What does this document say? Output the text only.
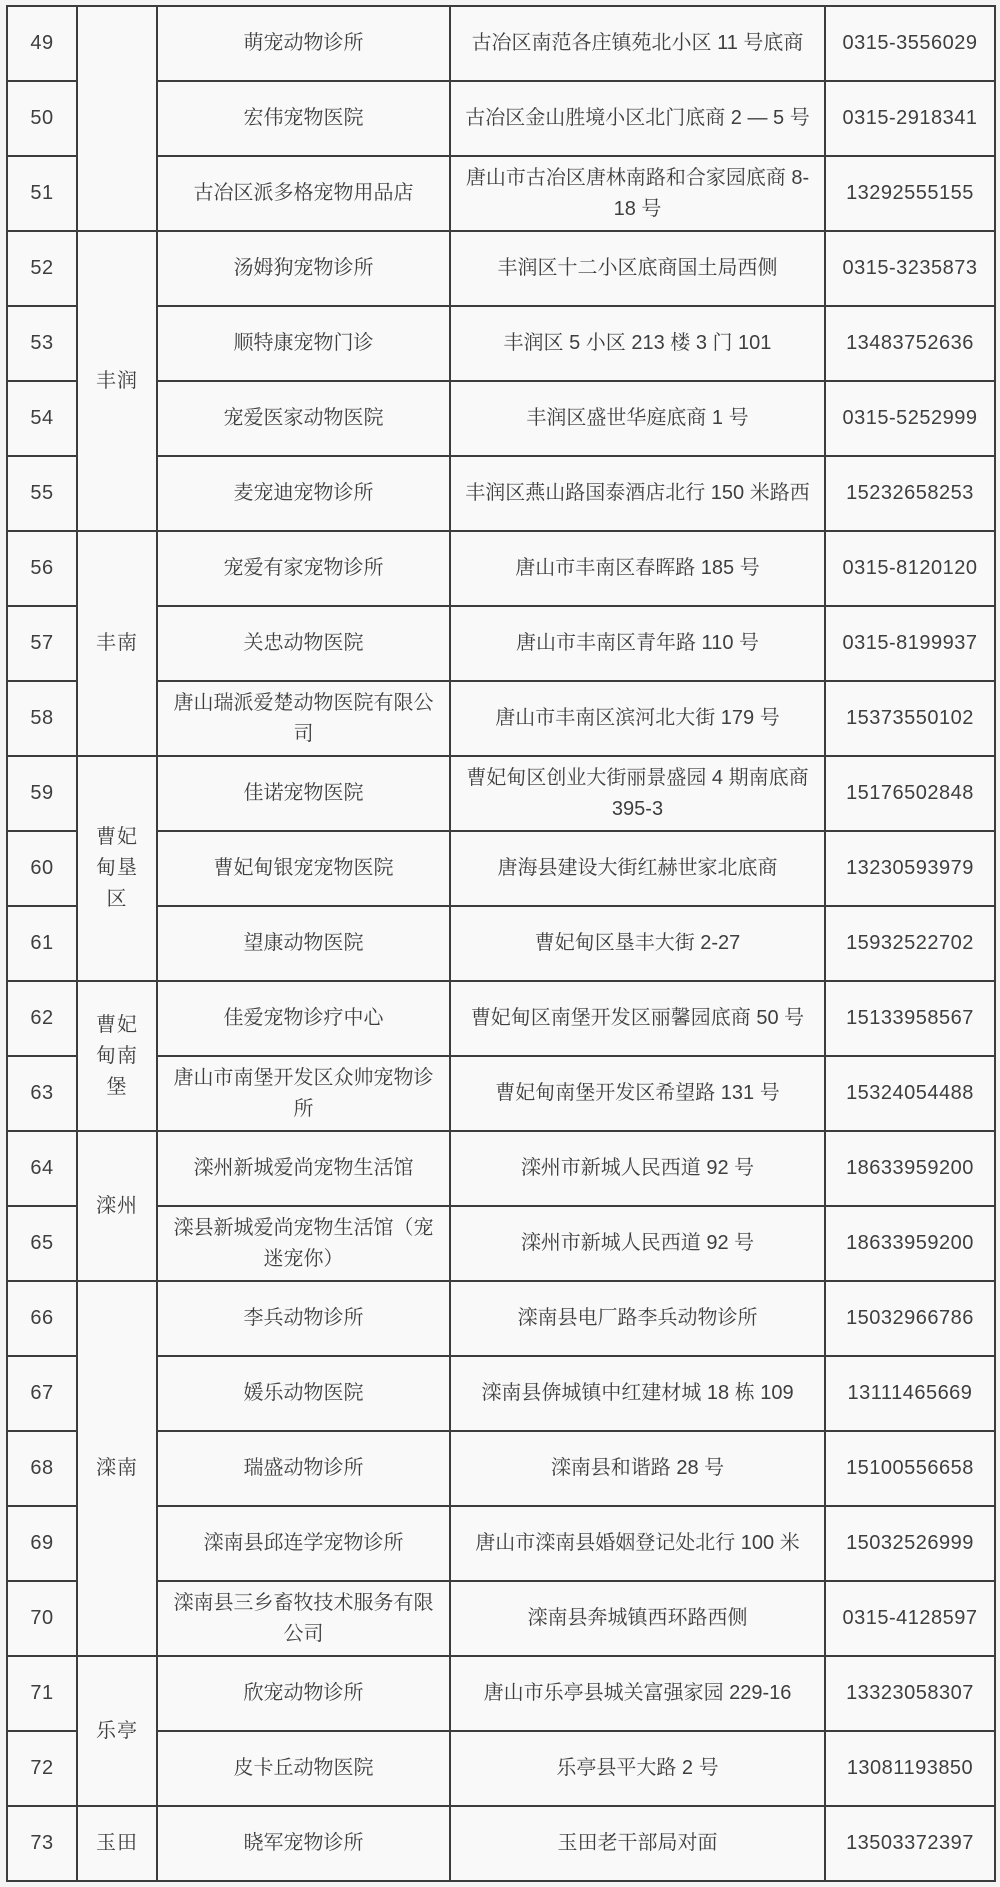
49		萌宠动物诊所	古冶区南范各庄镇苑北小区 11 号底商	0315-3556029
50		宏伟宠物医院	古冶区金山胜境小区北门底商 2 — 5 号	0315-2918341
51		古冶区派多格宠物用品店	唐山市古冶区唐林南路和合家园底商 8-18 号	13292555155
52	丰润	汤姆狗宠物诊所	丰润区十二小区底商国土局西侧	0315-3235873
53		顺特康宠物门诊	丰润区 5 小区 213 楼 3 门 101	13483752636
54		宠爱医家动物医院	丰润区盛世华庭底商 1 号	0315-5252999
55		麦宠迪宠物诊所	丰润区燕山路国泰酒店北行 150 米路西	15232658253
56	丰南	宠爱有家宠物诊所	唐山市丰南区春晖路 185 号	0315-8120120
57		关忠动物医院	唐山市丰南区青年路 110 号	0315-8199937
58		唐山瑞派爱楚动物医院有限公司	唐山市丰南区滨河北大街 179 号	15373550102
59	曹妃甸垦区	佳诺宠物医院	曹妃甸区创业大街丽景盛园 4 期南底商 395-3	15176502848
60		曹妃甸银宠宠物医院	唐海县建设大街红赫世家北底商	13230593979
61		望康动物医院	曹妃甸区垦丰大街 2-27	15932522702
62	曹妃甸南堡	佳爱宠物诊疗中心	曹妃甸区南堡开发区丽馨园底商 50 号	15133958567
63		唐山市南堡开发区众帅宠物诊所	曹妃甸南堡开发区希望路 131 号	15324054488
64	滦州	滦州新城爱尚宠物生活馆	滦州市新城人民西道 92 号	18633959200
65		滦县新城爱尚宠物生活馆（宠迷宠你）	滦州市新城人民西道 92 号	18633959200
66	滦南	李兵动物诊所	滦南县电厂路李兵动物诊所	15032966786
67		媛乐动物医院	滦南县倴城镇中红建材城 18 栋 109	13111465669
68		瑞盛动物诊所	滦南县和谐路 28 号	15100556658
69		滦南县邱连学宠物诊所	唐山市滦南县婚姻登记处北行 100 米	15032526999
70		滦南县三乡畜牧技术服务有限公司	滦南县奔城镇西环路西侧	0315-4128597
71	乐亭	欣宠动物诊所	唐山市乐亭县城关富强家园 229-16	13323058307
72		皮卡丘动物医院	乐亭县平大路 2 号	13081193850
73	玉田	晓军宠物诊所	玉田老干部局对面	13503372397
